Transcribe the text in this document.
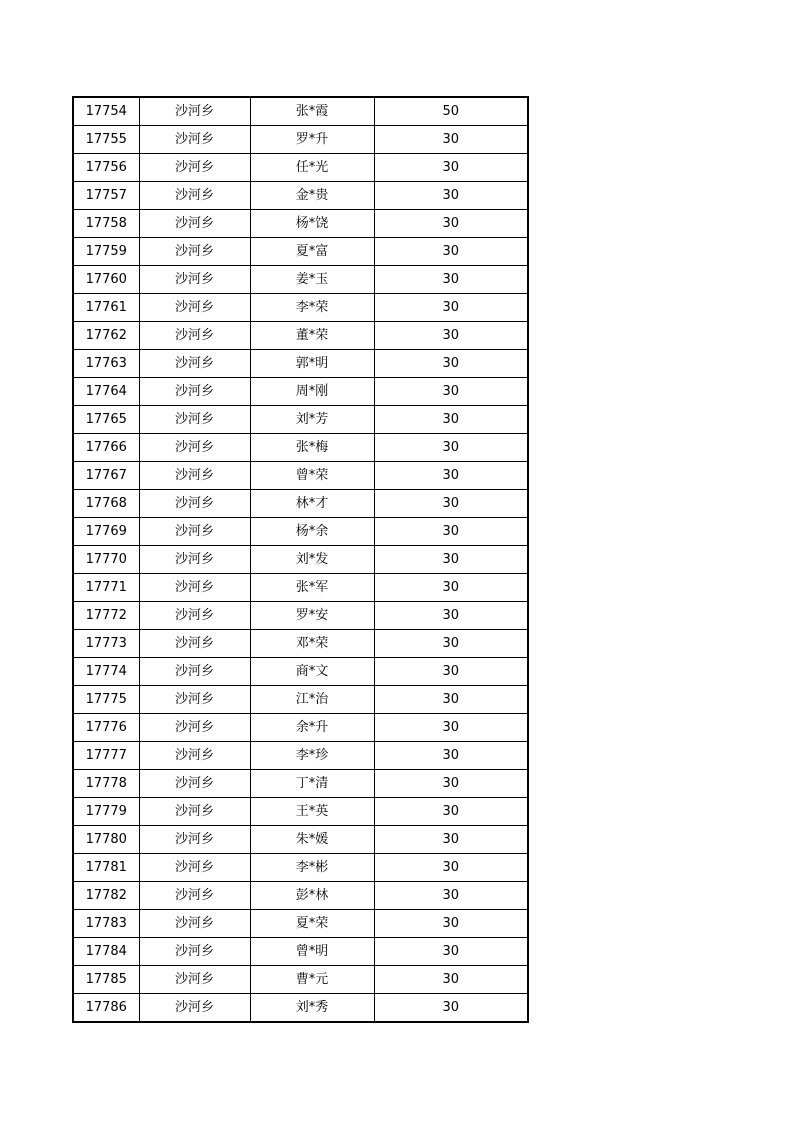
17754	沙河乡	张*霞	50
17755	沙河乡	罗*升	30
17756	沙河乡	任*光	30
17757	沙河乡	金*贵	30
17758	沙河乡	杨*饶	30
17759	沙河乡	夏*富	30
17760	沙河乡	姜*玉	30
17761	沙河乡	李*荣	30
17762	沙河乡	董*荣	30
17763	沙河乡	郭*明	30
17764	沙河乡	周*刚	30
17765	沙河乡	刘*芳	30
17766	沙河乡	张*梅	30
17767	沙河乡	曾*荣	30
17768	沙河乡	林*才	30
17769	沙河乡	杨*余	30
17770	沙河乡	刘*发	30
17771	沙河乡	张*军	30
17772	沙河乡	罗*安	30
17773	沙河乡	邓*荣	30
17774	沙河乡	商*文	30
17775	沙河乡	江*治	30
17776	沙河乡	余*升	30
17777	沙河乡	李*珍	30
17778	沙河乡	丁*清	30
17779	沙河乡	王*英	30
17780	沙河乡	朱*媛	30
17781	沙河乡	李*彬	30
17782	沙河乡	彭*林	30
17783	沙河乡	夏*荣	30
17784	沙河乡	曾*明	30
17785	沙河乡	曹*元	30
17786	沙河乡	刘*秀	30
